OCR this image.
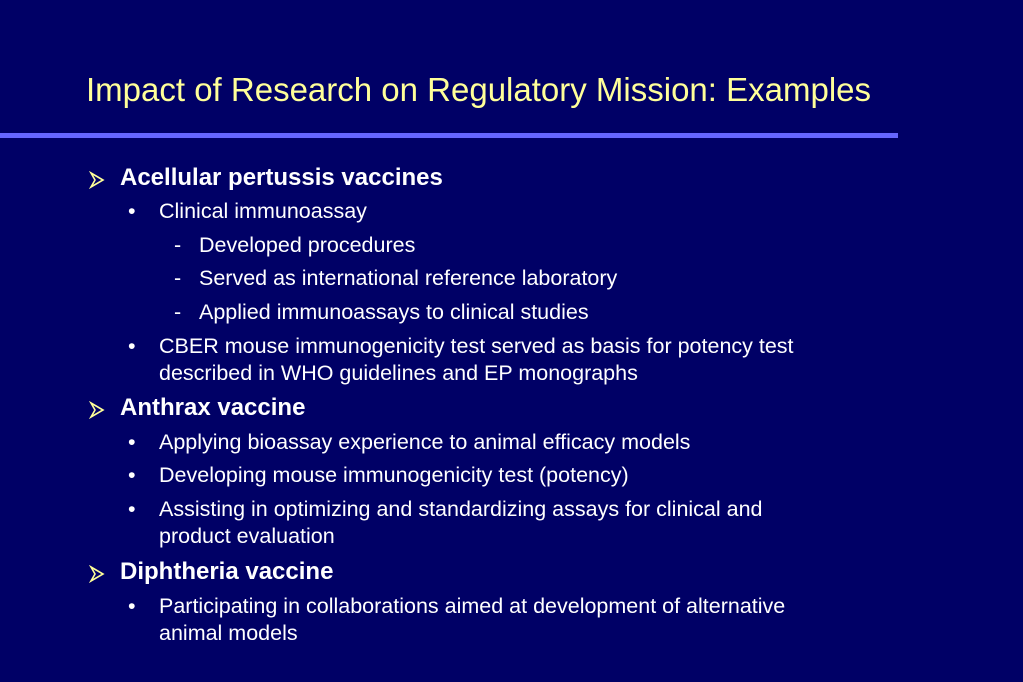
Impact of Research on Regulatory Mission: Examples
Acellular pertussis vaccines
• Clinical immunoassay
- Developed procedures
- Served as international reference laboratory
- Applied immunoassays to clinical studies
• CBER mouse immunogenicity test served as basis for potency test
described in WHO guidelines and EP monographs
Anthrax vaccine
• Applying bioassay experience to animal efficacy models
• Developing mouse immunogenicity test (potency)
• Assisting in optimizing and standardizing assays for clinical and
product evaluation
Diphtheria vaccine
• Participating in collaborations aimed at development of alternative
animal models
